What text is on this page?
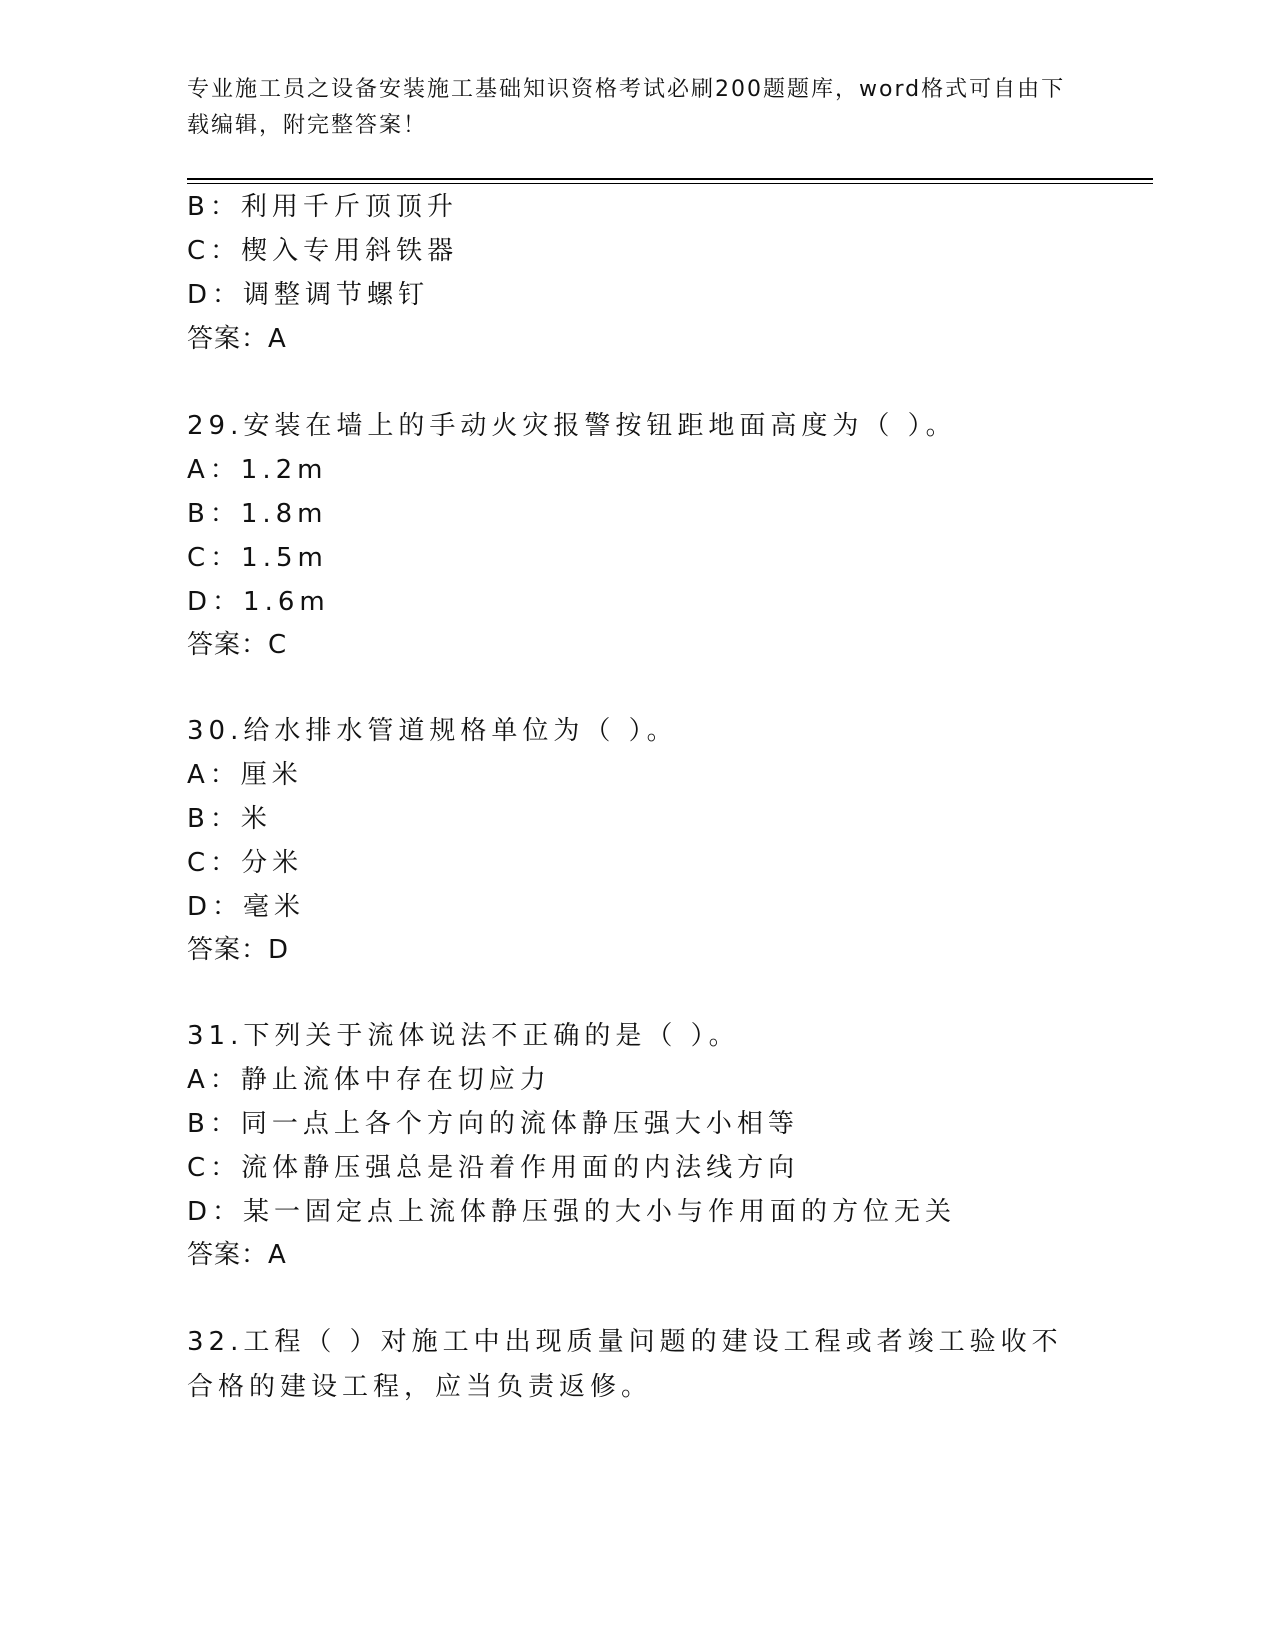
专业施工员之设备安装施工基础知识资格考试必刷200题题库，word格式可自由下载编辑，附完整答案！
B：利用千斤顶顶升
C：楔入专用斜铁器
D：调整调节螺钉
答案：A
29.安装在墙上的手动火灾报警按钮距地面高度为（ ）。
A：1.2m
B：1.8m
C：1.5m
D：1.6m
答案：C
30.给水排水管道规格单位为（ ）。
A：厘米
B：米
C：分米
D：毫米
答案：D
31.下列关于流体说法不正确的是（ ）。
A：静止流体中存在切应力
B：同一点上各个方向的流体静压强大小相等
C：流体静压强总是沿着作用面的内法线方向
D：某一固定点上流体静压强的大小与作用面的方位无关
答案：A
32.工程（ ）对施工中出现质量问题的建设工程或者竣工验收不合格的建设工程，应当负责返修。
